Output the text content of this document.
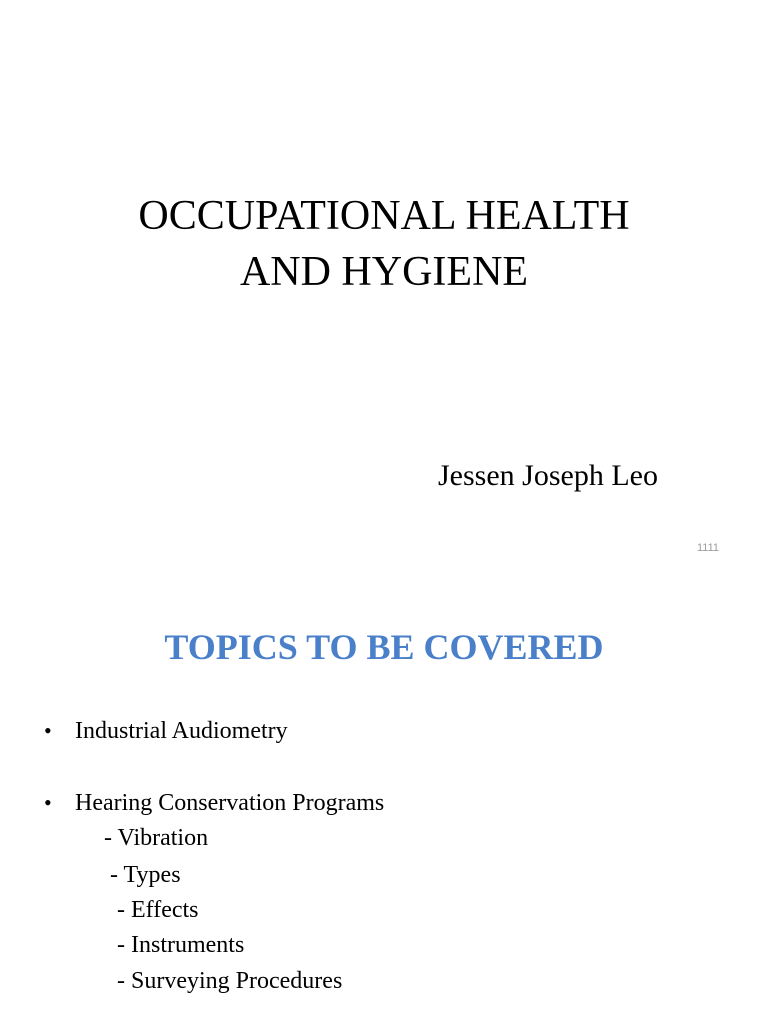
OCCUPATIONAL HEALTH
AND HYGIENE
Jessen Joseph Leo
1111
TOPICS TO BE COVERED
• Industrial Audiometry
• Hearing Conservation Programs
- Vibration
- Types
- Effects
- Instruments
- Surveying Procedures
